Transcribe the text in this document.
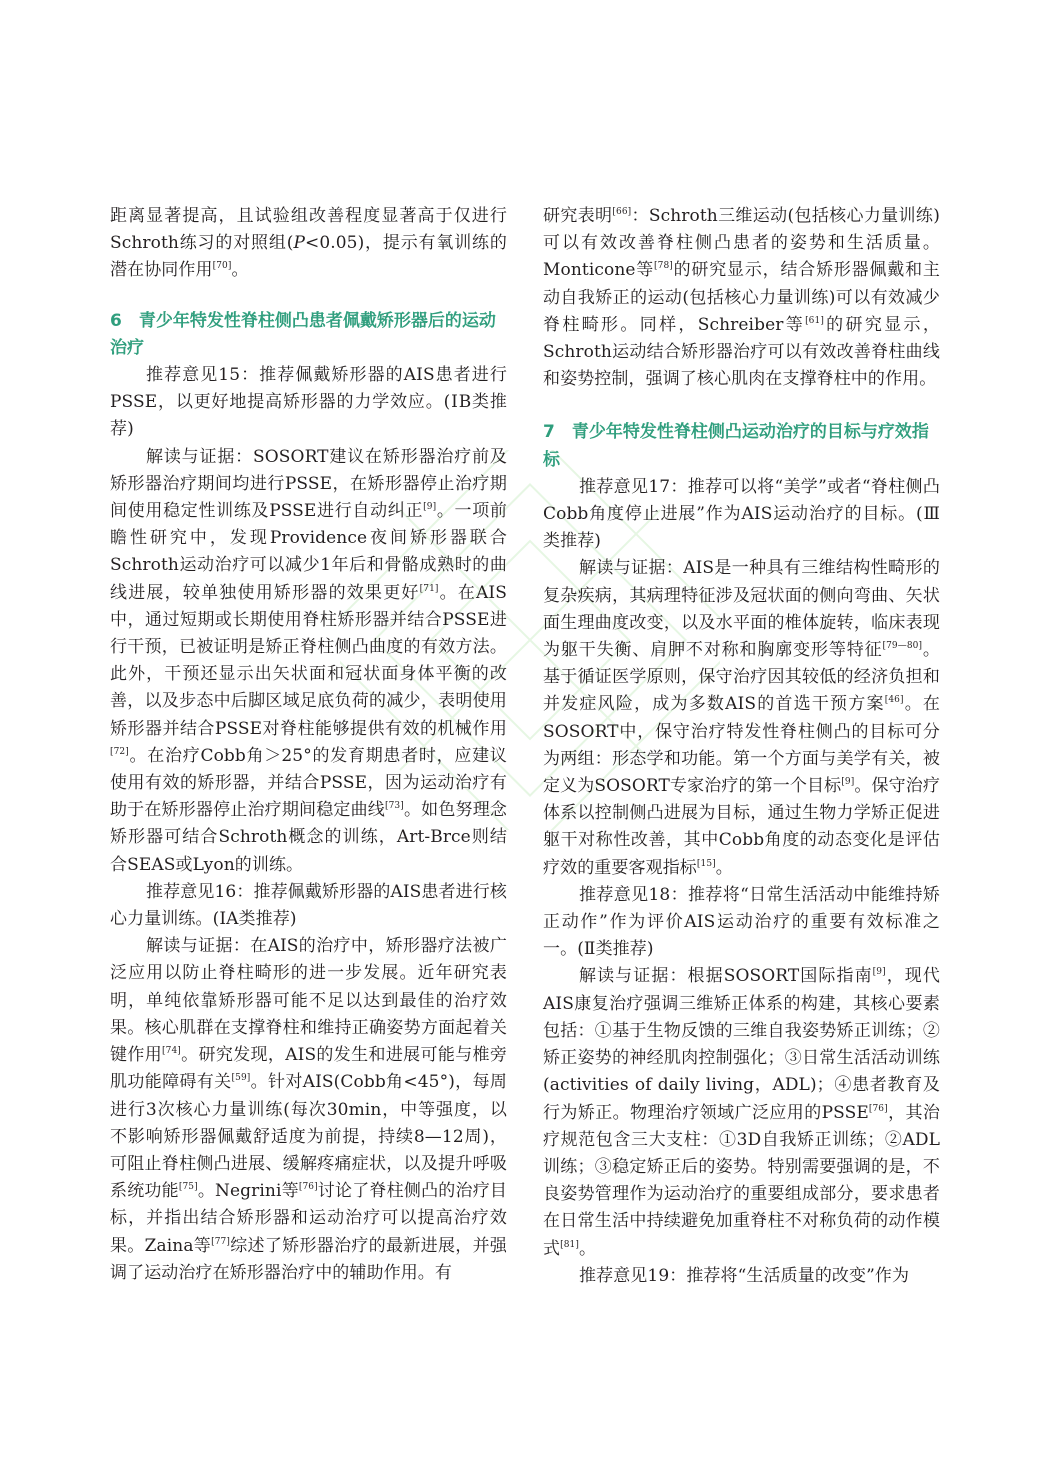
距离显著提高，且试验组改善程度显著高于仅进行Schroth练习的对照组(P<0.05)，提示有氧训练的潜在协同作用[70]。

6　青少年特发性脊柱侧凸患者佩戴矫形器后的运动治疗

推荐意见15：推荐佩戴矫形器的AIS患者进行PSSE，以更好地提高矫形器的力学效应。(ⅠB类推荐)

解读与证据：SOSORT建议在矫形器治疗前及矫形器治疗期间均进行PSSE，在矫形器停止治疗期间使用稳定性训练及PSSE进行自动纠正[9]。一项前瞻性研究中，发现Providence夜间矫形器联合Schroth运动治疗可以减少1年后和骨骼成熟时的曲线进展，较单独使用矫形器的效果更好[71]。在AIS中，通过短期或长期使用脊柱矫形器并结合PSSE进行干预，已被证明是矫正脊柱侧凸曲度的有效方法。此外，干预还显示出矢状面和冠状面身体平衡的改善，以及步态中后脚区域足底负荷的减少，表明使用矫形器并结合PSSE对脊柱能够提供有效的机械作用[72]。在治疗Cobb角＞25°的发育期患者时，应建议使用有效的矫形器，并结合PSSE，因为运动治疗有助于在矫形器停止治疗期间稳定曲线[73]。如色努理念矫形器可结合Schroth概念的训练，Art-Brce则结合SEAS或Lyon的训练。

推荐意见16：推荐佩戴矫形器的AIS患者进行核心力量训练。(ⅠA类推荐)

解读与证据：在AIS的治疗中，矫形器疗法被广泛应用以防止脊柱畸形的进一步发展。近年研究表明，单纯依靠矫形器可能不足以达到最佳的治疗效果。核心肌群在支撑脊柱和维持正确姿势方面起着关键作用[74]。研究发现，AIS的发生和进展可能与椎旁肌功能障碍有关[59]。针对AIS(Cobb角<45°)，每周进行3次核心力量训练(每次30min，中等强度，以不影响矫形器佩戴舒适度为前提，持续8—12周)，可阻止脊柱侧凸进展、缓解疼痛症状，以及提升呼吸系统功能[75]。Negrini等[76]讨论了脊柱侧凸的治疗目标，并指出结合矫形器和运动治疗可以提高治疗效果。Zaina等[77]综述了矫形器治疗的最新进展，并强调了运动治疗在矫形器治疗中的辅助作用。有

研究表明[66]：Schroth三维运动(包括核心力量训练)可以有效改善脊柱侧凸患者的姿势和生活质量。Monticone等[78]的研究显示，结合矫形器佩戴和主动自我矫正的运动(包括核心力量训练)可以有效减少脊柱畸形。同样，Schreiber等[61]的研究显示，Schroth运动结合矫形器治疗可以有效改善脊柱曲线和姿势控制，强调了核心肌肉在支撑脊柱中的作用。

7　青少年特发性脊柱侧凸运动治疗的目标与疗效指标

推荐意见17：推荐可以将“美学”或者“脊柱侧凸Cobb角度停止进展”作为AIS运动治疗的目标。(Ⅲ类推荐)

解读与证据：AIS是一种具有三维结构性畸形的复杂疾病，其病理特征涉及冠状面的侧向弯曲、矢状面生理曲度改变，以及水平面的椎体旋转，临床表现为躯干失衡、肩胛不对称和胸廓变形等特征[79—80]。基于循证医学原则，保守治疗因其较低的经济负担和并发症风险，成为多数AIS的首选干预方案[46]。在SOSORT中，保守治疗特发性脊柱侧凸的目标可分为两组：形态学和功能。第一个方面与美学有关，被定义为SOSORT专家治疗的第一个目标[9]。保守治疗体系以控制侧凸进展为目标，通过生物力学矫正促进躯干对称性改善，其中Cobb角度的动态变化是评估疗效的重要客观指标[15]。

推荐意见18：推荐将“日常生活活动中能维持矫正动作”作为评价AIS运动治疗的重要有效标准之一。(Ⅱ类推荐)

解读与证据：根据SOSORT国际指南[9]，现代AIS康复治疗强调三维矫正体系的构建，其核心要素包括：①基于生物反馈的三维自我姿势矫正训练；②矫正姿势的神经肌肉控制强化；③日常生活活动训练(activities of daily living，ADL)；④患者教育及行为矫正。物理治疗领域广泛应用的PSSE[76]，其治疗规范包含三大支柱：①3D自我矫正训练；②ADL训练；③稳定矫正后的姿势。特别需要强调的是，不良姿势管理作为运动治疗的重要组成部分，要求患者在日常生活中持续避免加重脊柱不对称负荷的动作模式[81]。

推荐意见19：推荐将“生活质量的改变”作为
